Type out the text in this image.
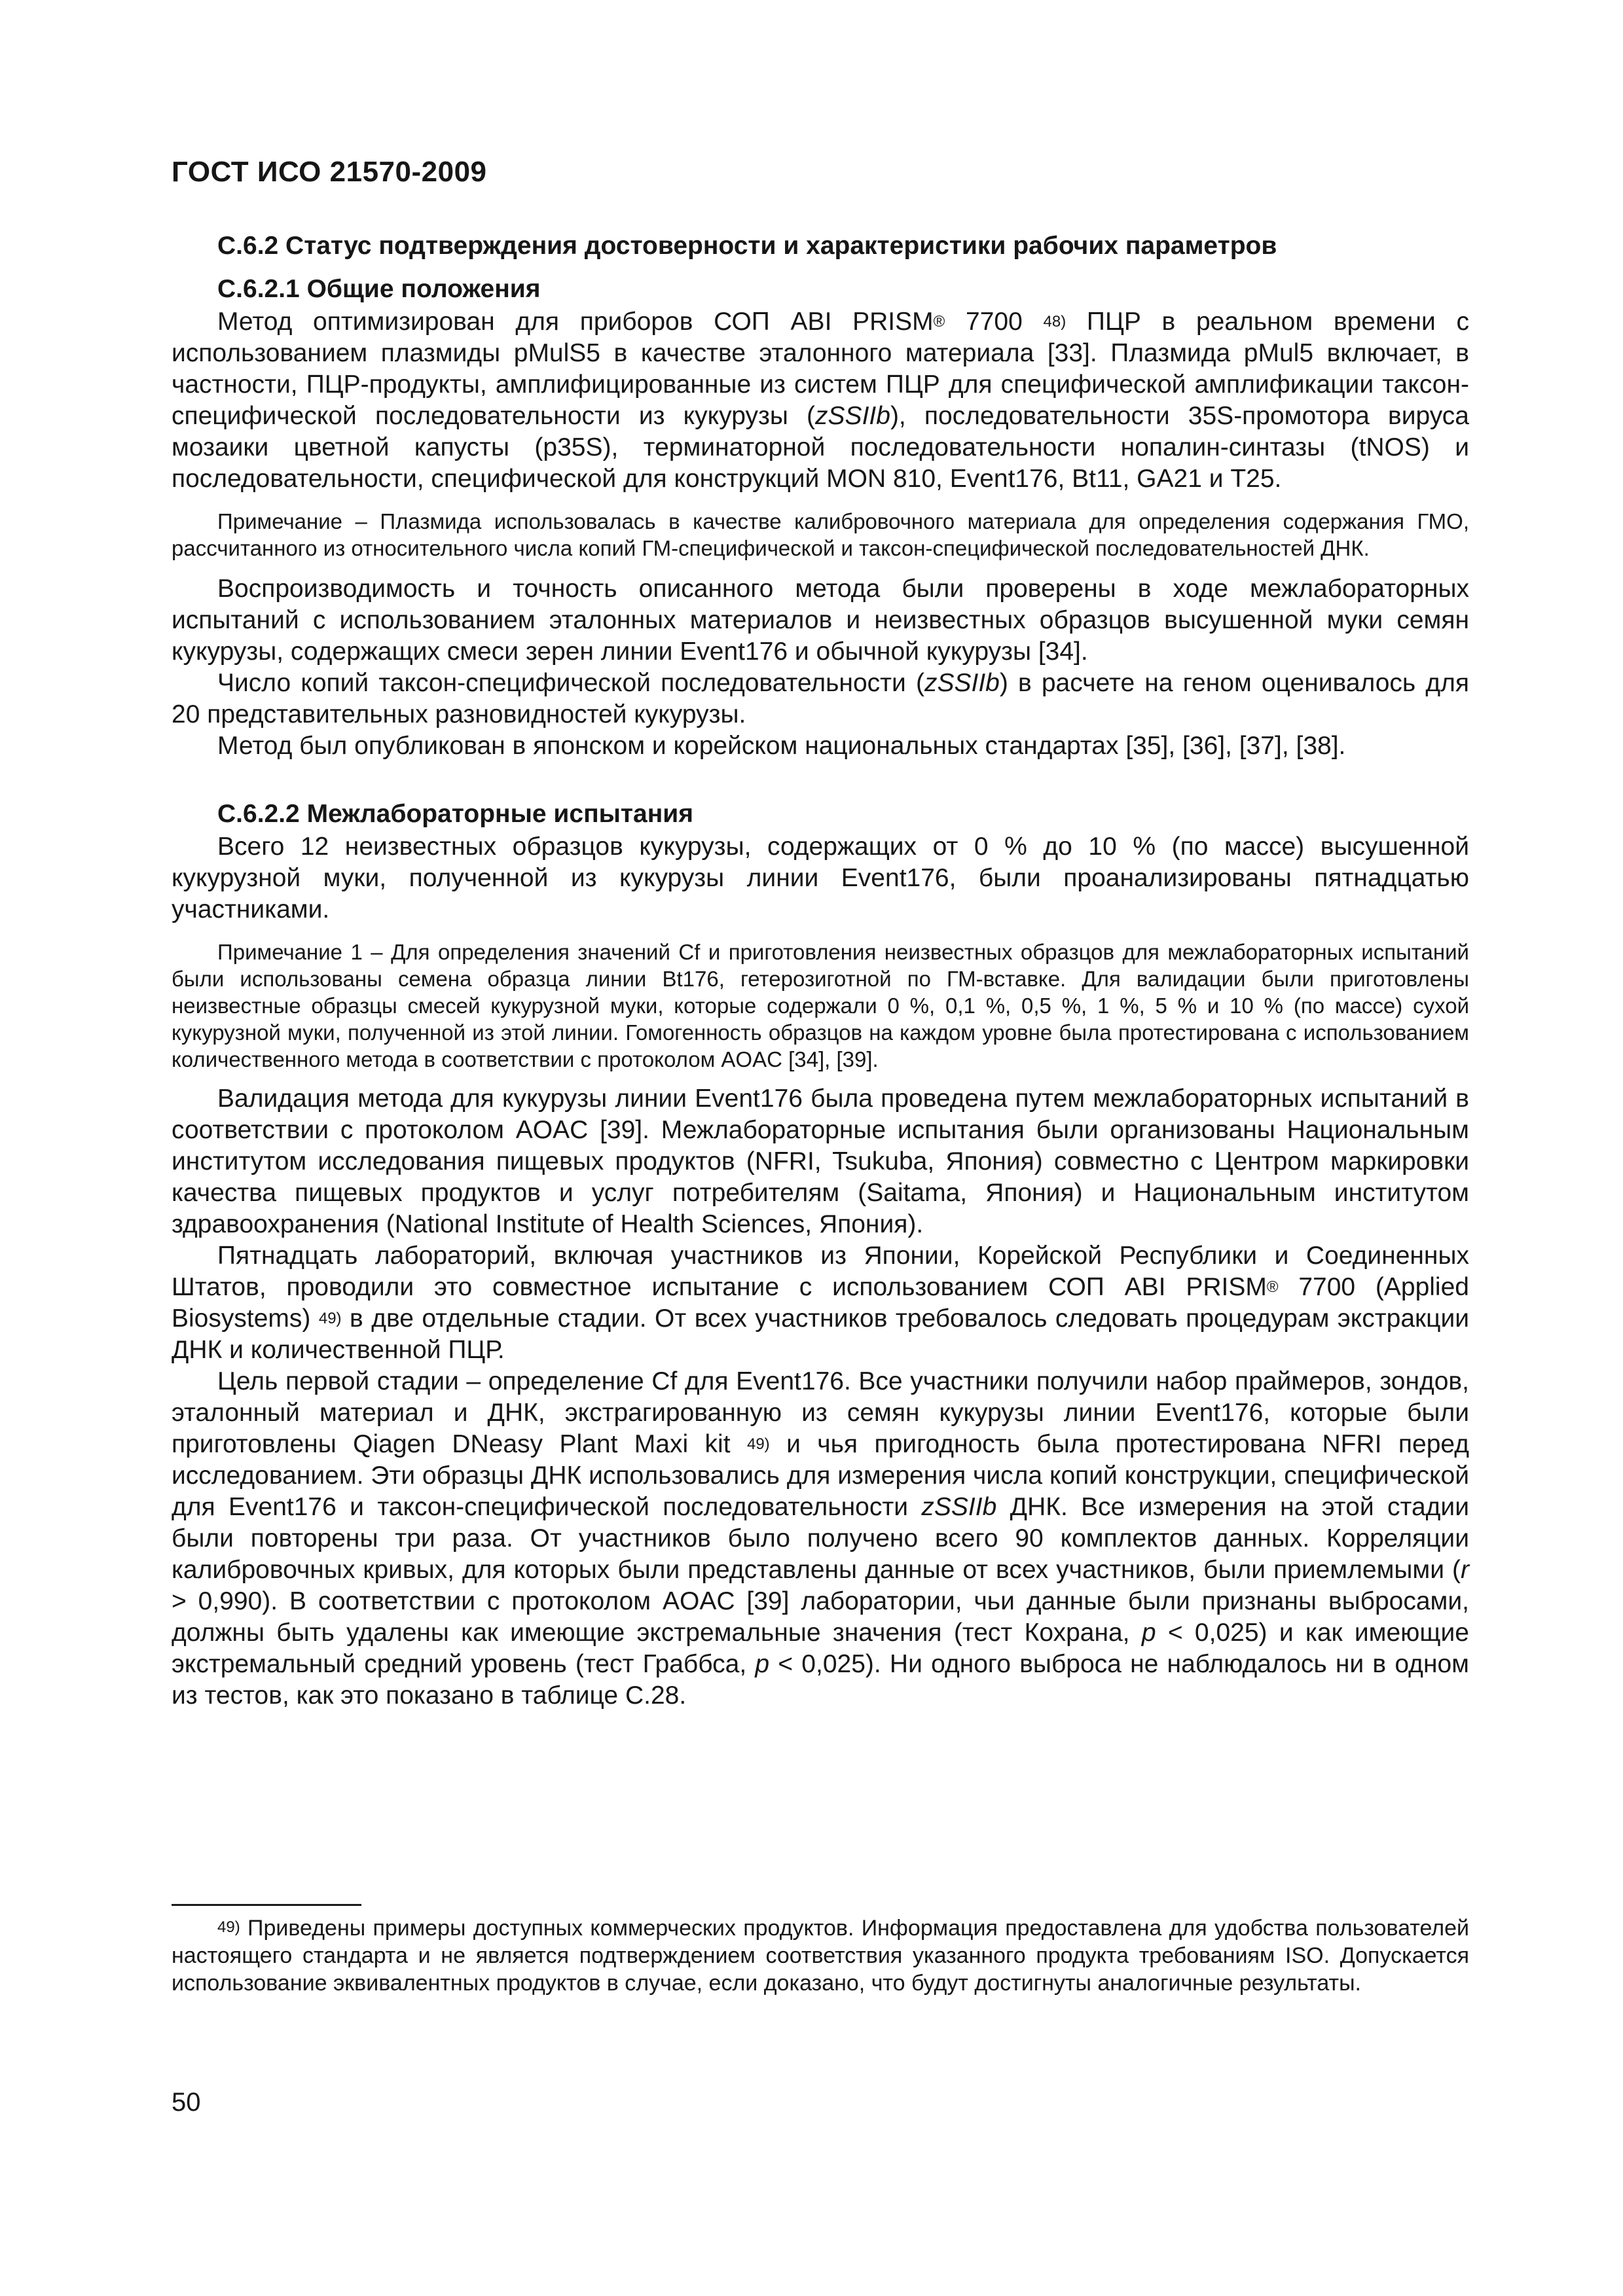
ГОСТ ИСО 21570-2009
С.6.2 Статус подтверждения достоверности и характеристики рабочих параметров
С.6.2.1 Общие положения

Метод оптимизирован для приборов СОП ABI PRISM® 7700 $^{48)}$ ПЦР в реальном времени с использованием плазмиды pMulS5 в качестве эталонного материала [33]. Плазмида pMul5 включает, в частности, ПЦР-продукты, амплифицированные из систем ПЦР для специфической амплификации таксон- специфической последовательности из кукурузы (zSSIIb), последовательности 35S-промотора вируса мозаики цветной капусты (p35S), терминаторной последовательности нопалин-синтазы (tNOS) и последовательности, специфической для конструкций MON 810, Event176, Bt11, GA21 и T25.

Примечание – Плазмида использовалась в качестве калибровочного материала для определения содержания ГМО, рассчитанного из относительного числа копий ГМ-специфической и таксон-специфической последовательностей ДНК.

Воспроизводимость и точность описанного метода были проверены в ходе межлабораторных испытаний с использованием эталонных материалов и неизвестных образцов высушенной муки семян кукурузы, содержащих смеси зерен линии Event176 и обычной кукурузы [34].

Число копий таксон-специфической последовательности (zSSIIb) в расчете на геном оценивалось для 20 представительных разновидностей кукурузы.

Метод был опубликован в японском и корейском национальных стандартах [35], [36], [37], [38].

С.6.2.2 Межлабораторные испытания

Всего 12 неизвестных образцов кукурузы, содержащих от 0 % до 10 % (по массе) высушенной кукурузной муки, полученной из кукурузы линии Event176, были проанализированы пятнадцатью участниками.

Примечание 1 – Для определения значений Cf и приготовления неизвестных образцов для межлабораторных испытаний были использованы семена образца линии Bt176, гетерозиготной по ГМ-вставке. Для валидации были приготовлены неизвестные образцы смесей кукурузной муки, которые содержали 0 %, 0,1 %, 0,5 %, 1 %, 5 % и 10 % (по массе) сухой кукурузной муки, полученной из этой линии. Гомогенность образцов на каждом уровне была протестирована с использованием количественного метода в соответствии с протоколом AOAC [34], [39].

Валидация метода для кукурузы линии Event176 была проведена путем межлабораторных испытаний в соответствии с протоколом AOAC [39]. Межлабораторные испытания были организованы Национальным институтом исследования пищевых продуктов (NFRI, Tsukuba, Япония) совместно с Центром маркировки качества пищевых продуктов и услуг потребителям (Saitama, Япония) и Национальным институтом здравоохранения (National Institute of Health Sciences, Япония).

Пятнадцать лабораторий, включая участников из Японии, Корейской Республики и Соединенных Штатов, проводили это совместное испытание с использованием СОП ABI PRISM® 7700 (Applied Biosystems) $^{49)}$ в две отдельные стадии. От всех участников требовалось следовать процедурам экстракции ДНК и количественной ПЦР.

Цель первой стадии – определение Cf для Event176. Все участники получили набор праймеров, зондов, эталонный материал и ДНК, экстрагированную из семян кукурузы линии Event176, которые были приготовлены Qiagen DNeasy Plant Maxi kit $^{49)}$ и чья пригодность была протестирована NFRI перед исследованием. Эти образцы ДНК использовались для измерения числа копий конструкции, специфической для Event176 и таксон-специфической последовательности zSSIIb ДНК. Все измерения на этой стадии были повторены три раза. От участников было получено всего 90 комплектов данных. Корреляции калибровочных кривых, для которых были представлены данные от всех участников, были приемлемыми (r > 0,990). В соответствии с протоколом AOAC [39] лаборатории, чьи данные были признаны выбросами, должны быть удалены как имеющие экстремальные значения (тест Кохрана, p < 0,025) и как имеющие экстремальный средний уровень (тест Граббса, p < 0,025). Ни одного выброса не наблюдалось ни в одном из тестов, как это показано в таблице С.28.

$^{49)}$ Приведены примеры доступных коммерческих продуктов. Информация предоставлена для удобства пользователей настоящего стандарта и не является подтверждением соответствия указанного продукта требованиям ISO. Допускается использование эквивалентных продуктов в случае, если доказано, что будут достигнуты аналогичные результаты.

50
